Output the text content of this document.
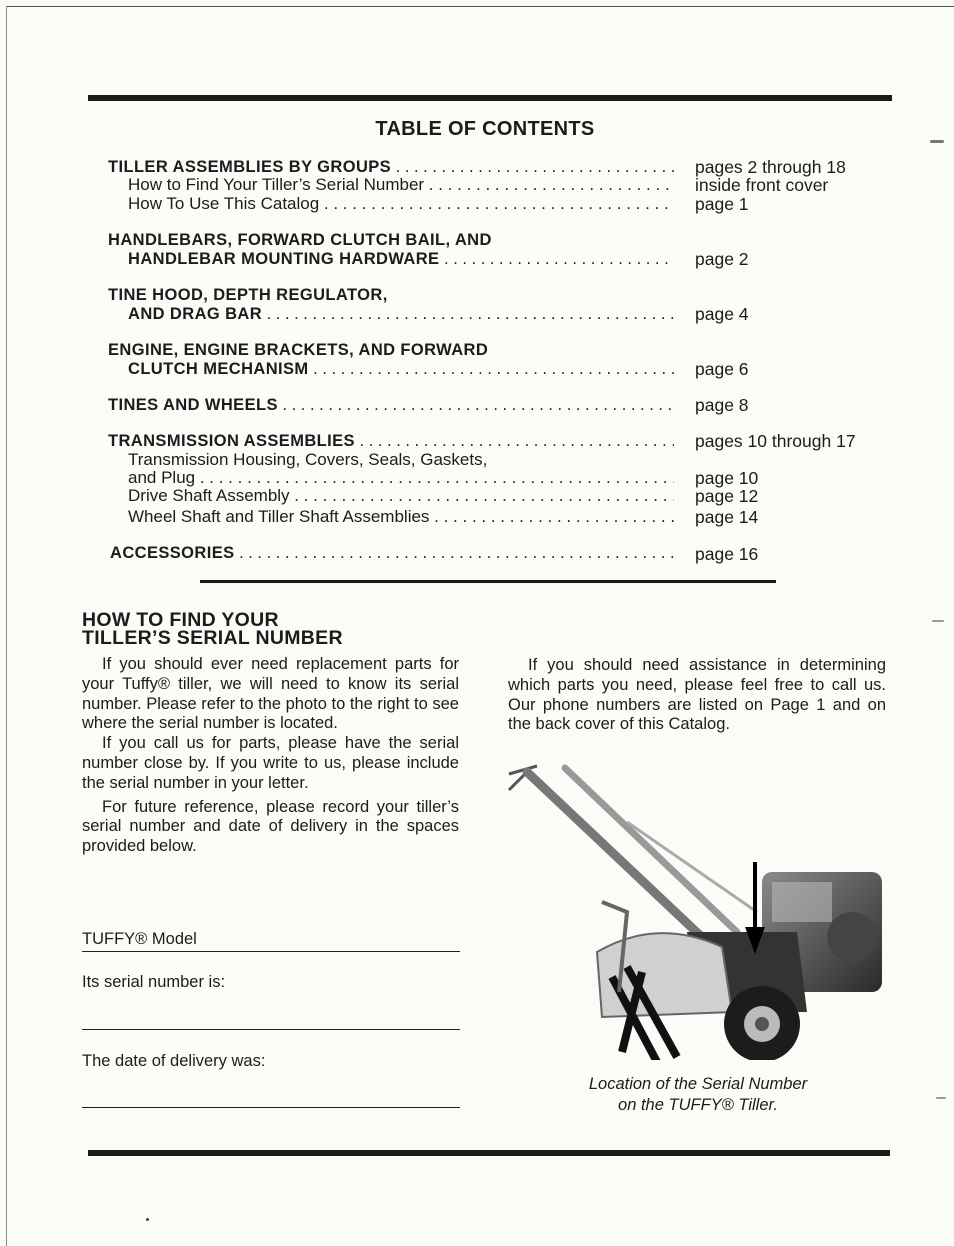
TABLE OF CONTENTS
TILLER ASSEMBLIES BY GROUPS . . .	pages 2 through 18
How to Find Your Tiller’s Serial Number . . .	inside front cover
How To Use This Catalog . . .	page 1
HANDLEBARS, FORWARD CLUTCH BAIL, AND
HANDLEBAR MOUNTING HARDWARE . . .	page 2
TINE HOOD, DEPTH REGULATOR,
AND DRAG BAR . . .	page 4
ENGINE, ENGINE BRACKETS, AND FORWARD
CLUTCH MECHANISM . . .	page 6
TINES AND WHEELS . . .	page 8
TRANSMISSION ASSEMBLIES . . .	pages 10 through 17
Transmission Housing, Covers, Seals, Gaskets,
and Plug . . .	page 10
Drive Shaft Assembly . . .	page 12
Wheel Shaft and Tiller Shaft Assemblies . . .	page 14
ACCESSORIES . . .	page 16
HOW TO FIND YOUR
TILLER’S SERIAL NUMBER

If you should ever need replacement parts for your Tuffy® tiller, we will need to know its serial number. Please refer to the photo to the right to see where the serial number is located.

If you call us for parts, please have the serial number close by. If you write to us, please include the serial number in your letter.

For future reference, please record your tiller’s serial number and date of delivery in the spaces provided below.

If you should need assistance in determining which parts you need, please feel free to call us. Our phone numbers are listed on Page 1 and on the back cover of this Catalog.

TUFFY® Model
Its serial number is:
The date of delivery was:
Location of the Serial Number
on the TUFFY® Tiller.
